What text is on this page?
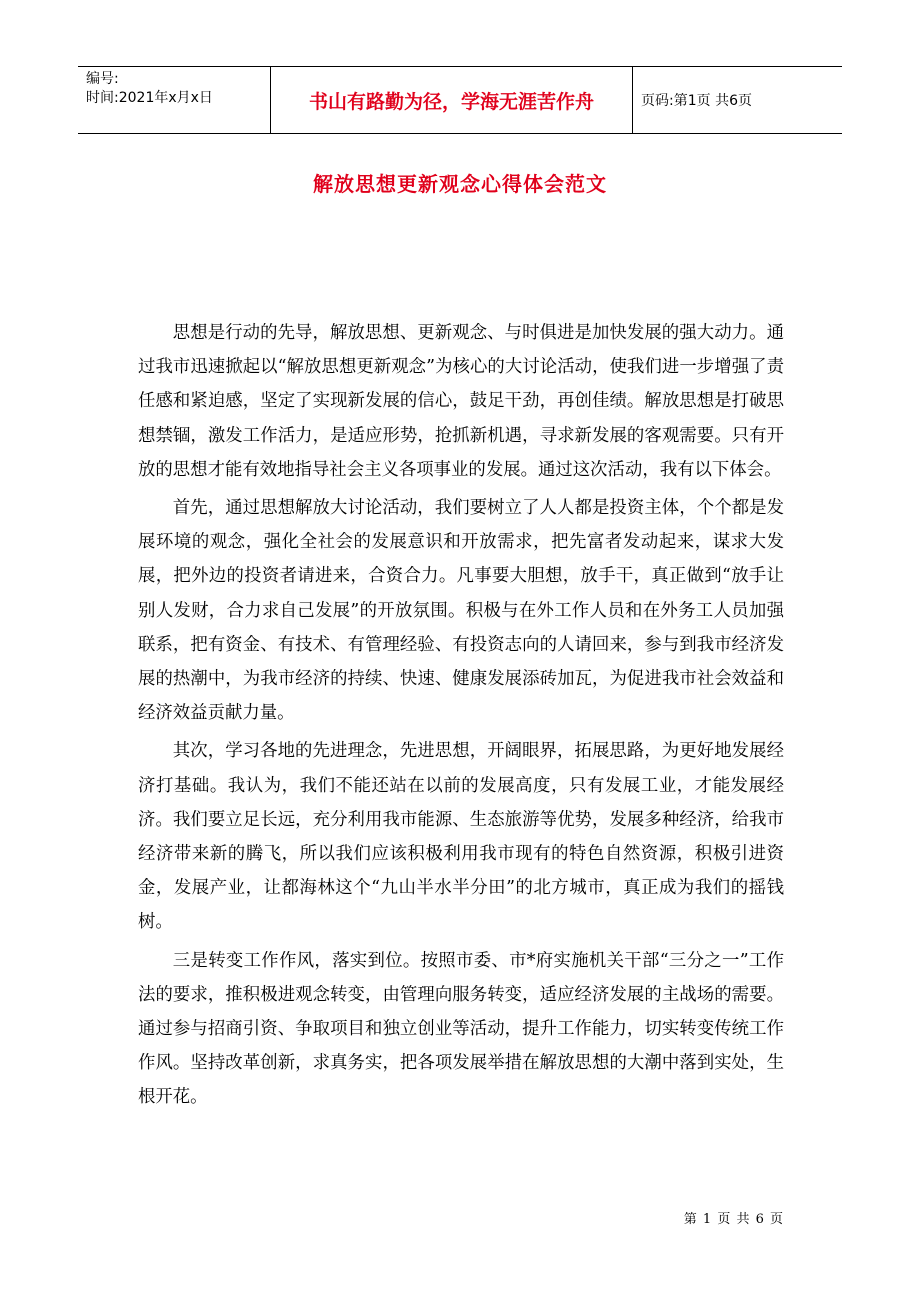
编号:
时间:2021年x月x日	书山有路勤为径，学海无涯苦作舟	页码:第1页 共6页
解放思想更新观念心得体会范文

思想是行动的先导，解放思想、更新观念、与时俱进是加快发展的强大动力。通过我市迅速掀起以“解放思想更新观念”为核心的大讨论活动，使我们进一步增强了责任感和紧迫感，坚定了实现新发展的信心，鼓足干劲，再创佳绩。解放思想是打破思想禁锢，激发工作活力，是适应形势，抢抓新机遇，寻求新发展的客观需要。只有开放的思想才能有效地指导社会主义各项事业的发展。通过这次活动，我有以下体会。

首先，通过思想解放大讨论活动，我们要树立了人人都是投资主体，个个都是发展环境的观念，强化全社会的发展意识和开放需求，把先富者发动起来，谋求大发展，把外边的投资者请进来，合资合力。凡事要大胆想，放手干，真正做到“放手让别人发财，合力求自己发展”的开放氛围。积极与在外工作人员和在外务工人员加强联系，把有资金、有技术、有管理经验、有投资志向的人请回来，参与到我市经济发展的热潮中，为我市经济的持续、快速、健康发展添砖加瓦，为促进我市社会效益和经济效益贡献力量。

其次，学习各地的先进理念，先进思想，开阔眼界，拓展思路，为更好地发展经济打基础。我认为，我们不能还站在以前的发展高度，只有发展工业，才能发展经济。我们要立足长远，充分利用我市能源、生态旅游等优势，发展多种经济，给我市经济带来新的腾飞，所以我们应该积极利用我市现有的特色自然资源，积极引进资金，发展产业，让都海林这个“九山半水半分田”的北方城市，真正成为我们的摇钱树。

三是转变工作作风，落实到位。按照市委、市*府实施机关干部“三分之一”工作法的要求，推积极进观念转变，由管理向服务转变，适应经济发展的主战场的需要。通过参与招商引资、争取项目和独立创业等活动，提升工作能力，切实转变传统工作作风。坚持改革创新，求真务实，把各项发展举措在解放思想的大潮中落到实处，生根开花。

第 1 页 共 6 页
